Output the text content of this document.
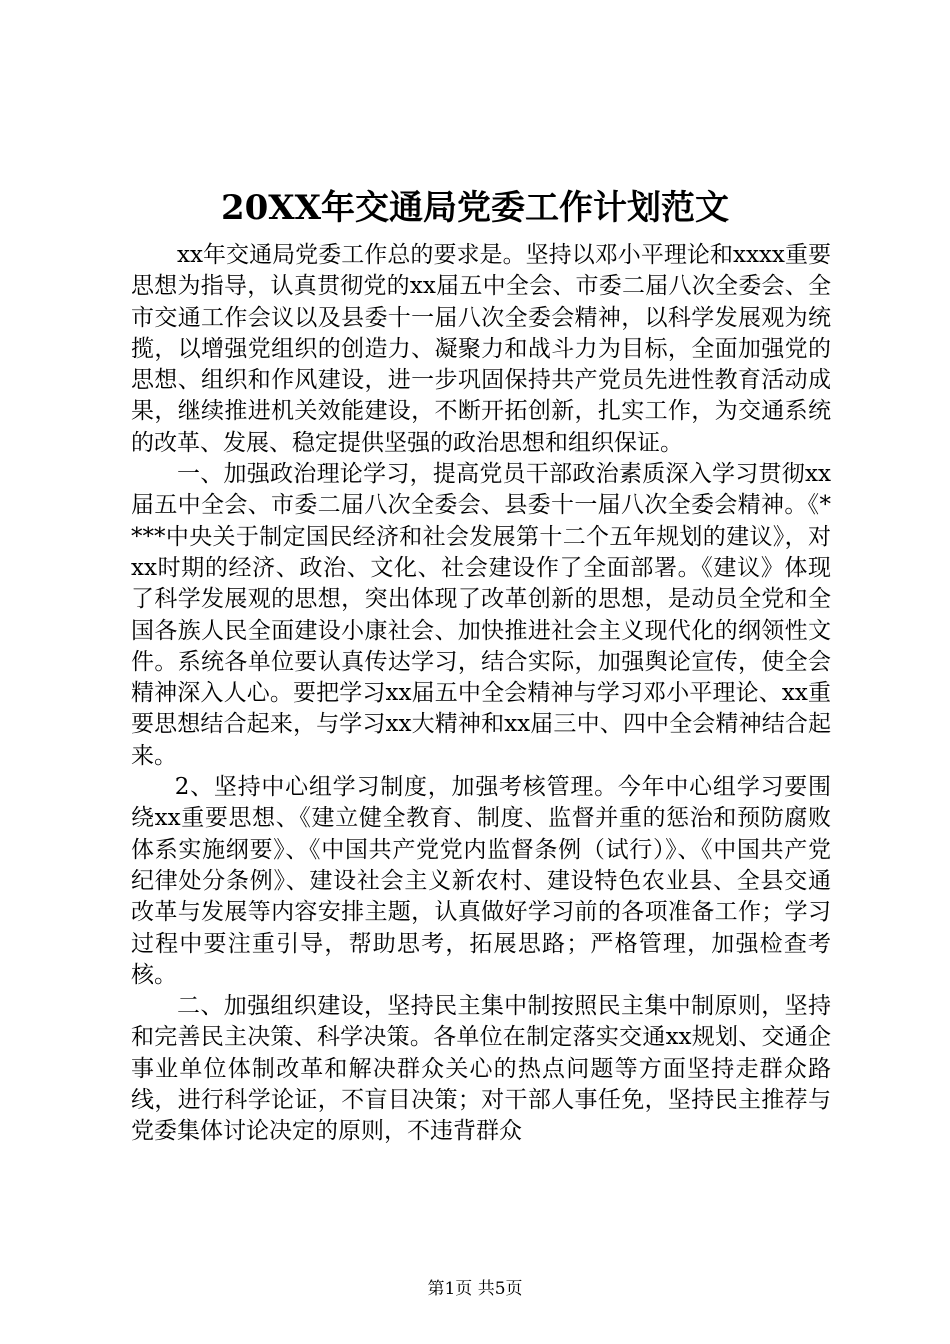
20XX年交通局党委工作计划范文

xx年交通局党委工作总的要求是。坚持以邓小平理论和xxxx重要思想为指导，认真贯彻党的xx届五中全会、市委二届八次全委会、全市交通工作会议以及县委十一届八次全委会精神，以科学发展观为统揽，以增强党组织的创造力、凝聚力和战斗力为目标，全面加强党的思想、组织和作风建设，进一步巩固保持共产党员先进性教育活动成果，继续推进机关效能建设，不断开拓创新，扎实工作，为交通系统的改革、发展、稳定提供坚强的政治思想和组织保证。

一、加强政治理论学习，提高党员干部政治素质深入学习贯彻xx届五中全会、市委二届八次全委会、县委十一届八次全委会精神。《****中央关于制定国民经济和社会发展第十二个五年规划的建议》，对xx时期的经济、政治、文化、社会建设作了全面部署。《建议》体现了科学发展观的思想，突出体现了改革创新的思想，是动员全党和全国各族人民全面建设小康社会、加快推进社会主义现代化的纲领性文件。系统各单位要认真传达学习，结合实际，加强舆论宣传，使全会精神深入人心。要把学习xx届五中全会精神与学习邓小平理论、xx重要思想结合起来，与学习xx大精神和xx届三中、四中全会精神结合起来。

2、坚持中心组学习制度，加强考核管理。今年中心组学习要围绕xx重要思想、《建立健全教育、制度、监督并重的惩治和预防腐败体系实施纲要》、《中国共产党党内监督条例（试行）》、《中国共产党纪律处分条例》、建设社会主义新农村、建设特色农业县、全县交通改革与发展等内容安排主题，认真做好学习前的各项准备工作；学习过程中要注重引导，帮助思考，拓展思路；严格管理，加强检查考核。

二、加强组织建设，坚持民主集中制按照民主集中制原则，坚持和完善民主决策、科学决策。各单位在制定落实交通xx规划、交通企事业单位体制改革和解决群众关心的热点问题等方面坚持走群众路线，进行科学论证，不盲目决策；对干部人事任免，坚持民主推荐与党委集体讨论决定的原则，不违背群众

第1页 共5页
